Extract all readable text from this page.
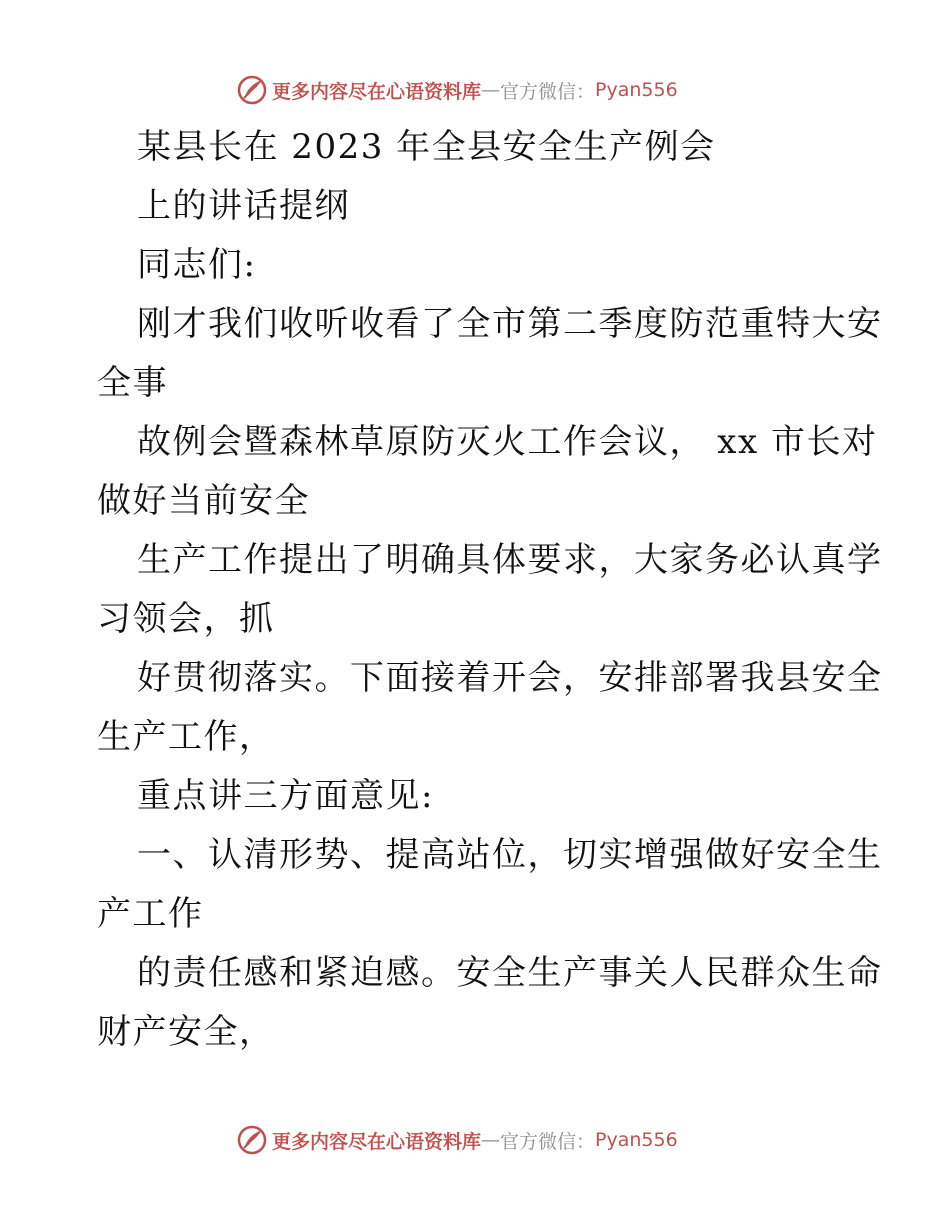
更多内容尽在心语资料库 — 官方微信： Pyan556
某县长在 2023 年全县安全生产例会
上的讲话提纲
同志们:
刚才我们收听收看了全市第二季度防范重特大安
全事
故例会暨森林草原防灭火工作会议， xx 市长对
做好当前安全
生产工作提出了明确具体要求，大家务必认真学
习领会，抓
好贯彻落实。下面接着开会，安排部署我县安全
生产工作，
重点讲三方面意见:
一、认清形势、提高站位，切实增强做好安全生
产工作
的责任感和紧迫感。安全生产事关人民群众生命
财产安全，
更多内容尽在心语资料库 — 官方微信： Pyan556
